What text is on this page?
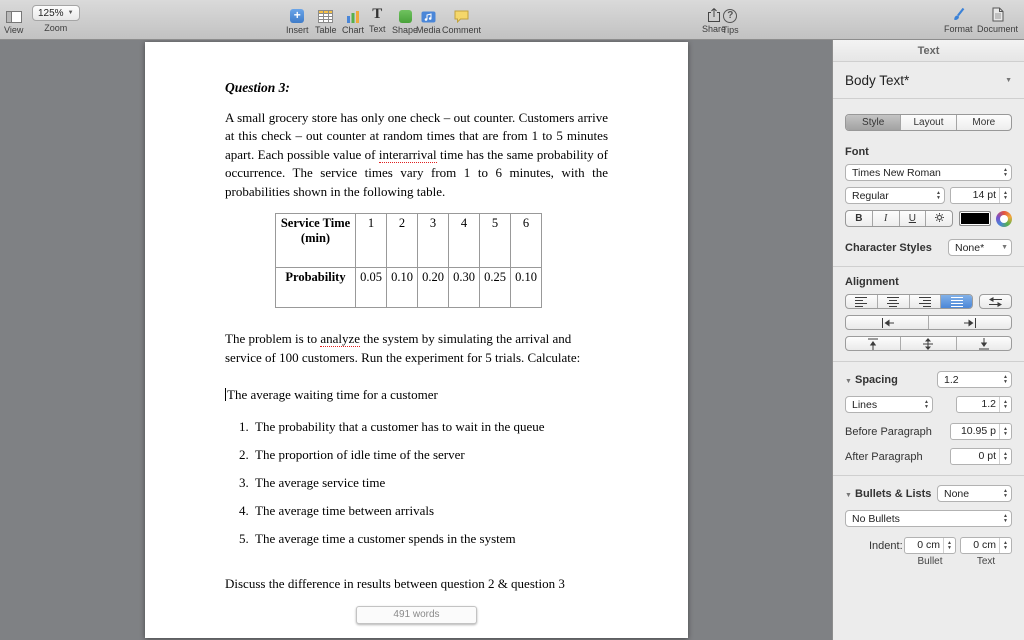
View
125% ▼
Zoom
+
Insert Table Chart
T
Text Shape
Media Comment	Share
?
Tips	Format Document
Question 3:
A small grocery store has only one check – out counter. Customers arrive at this check – out counter at random times that are from 1 to 5 minutes apart. Each possible value of interarrival time has the same probability of occurrence. The service times vary from 1 to 6 minutes, with the probabilities shown in the following table.
Service Time (min)	1	2	3	4	5	6
Probability	0.05	0.10	0.20	0.30	0.25	0.10
The problem is to analyze the system by simulating the arrival and service of 100 customers. Run the experiment for 5 trials. Calculate:
The average waiting time for a customer
1. The probability that a customer has to wait in the queue
2. The proportion of idle time of the server
3. The average service time
4. The average time between arrivals
5. The average time a customer spends in the system
Discuss the difference in results between question 2 & question 3
491 words
Text
Body Text*	▼
Style	Layout	More
Font
Times New Roman	▲
▼
Regular	▲
▼	14 pt	▲
▼
B	I	U
Character Styles None* ▼
Alignment
▼ Spacing	1.2	▲
▼
Lines	▲
▼	1.2	▲
▼
Before Paragraph	10.95 p	▲
▼
After Paragraph	0 pt	▲
▼
▼ Bullets & Lists None	▲
▼
No Bullets	▲
▼
Indent:	0 cm	▲
▼	0 cm	▲
▼
Bullet	Text
